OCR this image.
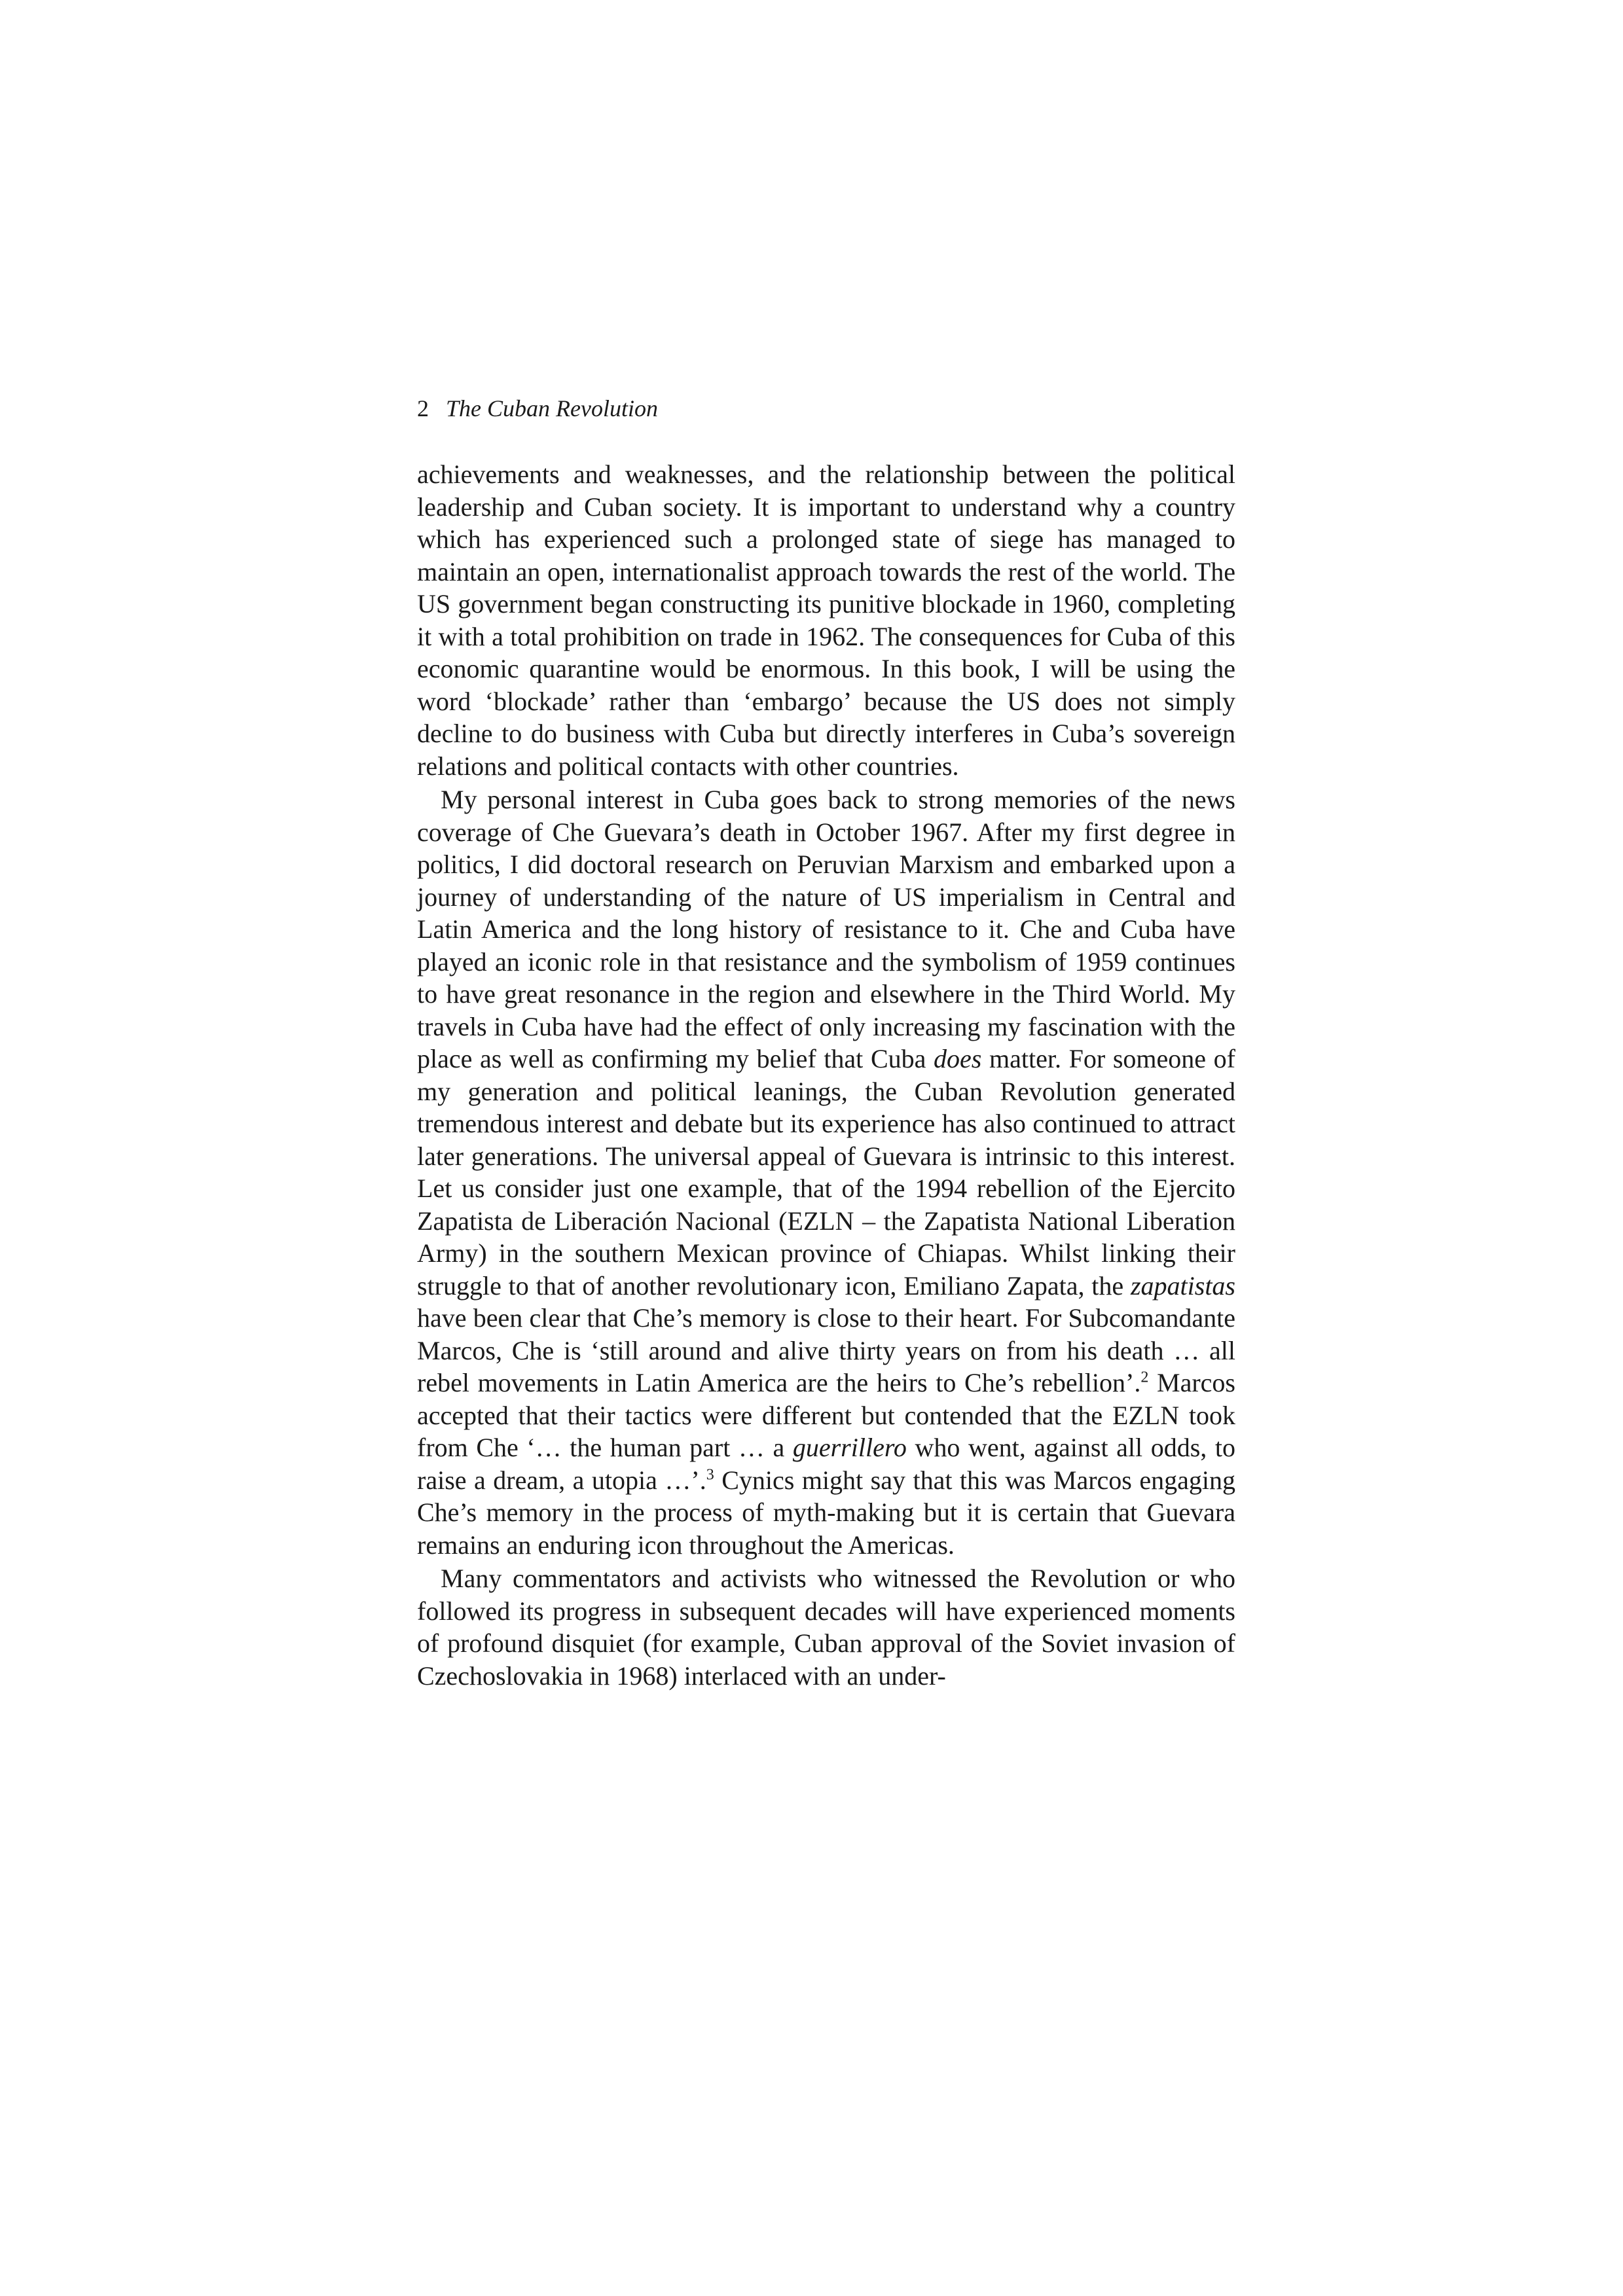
2 The Cuban Revolution

achievements and weaknesses, and the relationship between the political leadership and Cuban society. It is important to understand why a country which has experienced such a prolonged state of siege has managed to maintain an open, internationalist approach towards the rest of the world. The US government began constructing its punitive blockade in 1960, completing it with a total prohibition on trade in 1962. The consequences for Cuba of this economic quarantine would be enormous. In this book, I will be using the word ‘blockade’ rather than ‘embargo’ because the US does not simply decline to do business with Cuba but directly interferes in Cuba’s sovereign relations and political contacts with other countries.

My personal interest in Cuba goes back to strong memories of the news coverage of Che Guevara’s death in October 1967. After my first degree in politics, I did doctoral research on Peruvian Marxism and embarked upon a journey of understanding of the nature of US imperialism in Central and Latin America and the long history of resistance to it. Che and Cuba have played an iconic role in that resistance and the symbolism of 1959 continues to have great resonance in the region and elsewhere in the Third World. My travels in Cuba have had the effect of only increasing my fascination with the place as well as confirming my belief that Cuba does matter. For someone of my generation and political leanings, the Cuban Revolution generated tremendous interest and debate but its experience has also continued to attract later generations. The universal appeal of Guevara is intrinsic to this interest. Let us consider just one example, that of the 1994 rebellion of the Ejercito Zapatista de Liberación Nacional (EZLN – the Zapatista National Liberation Army) in the southern Mexican province of Chiapas. Whilst linking their struggle to that of another revolutionary icon, Emiliano Zapata, the zapatistas have been clear that Che’s memory is close to their heart. For Subcomandante Marcos, Che is ‘still around and alive thirty years on from his death … all rebel movements in Latin America are the heirs to Che’s rebellion’.$^2$ Marcos accepted that their tactics were different but contended that the EZLN took from Che ‘… the human part … a guerrillero who went, against all odds, to raise a dream, a utopia …’.$^3$ Cynics might say that this was Marcos engaging Che’s memory in the process of myth-making but it is certain that Guevara remains an enduring icon throughout the Americas.

Many commentators and activists who witnessed the Revolution or who followed its progress in subsequent decades will have experienced moments of profound disquiet (for example, Cuban approval of the Soviet invasion of Czechoslovakia in 1968) interlaced with an under-
